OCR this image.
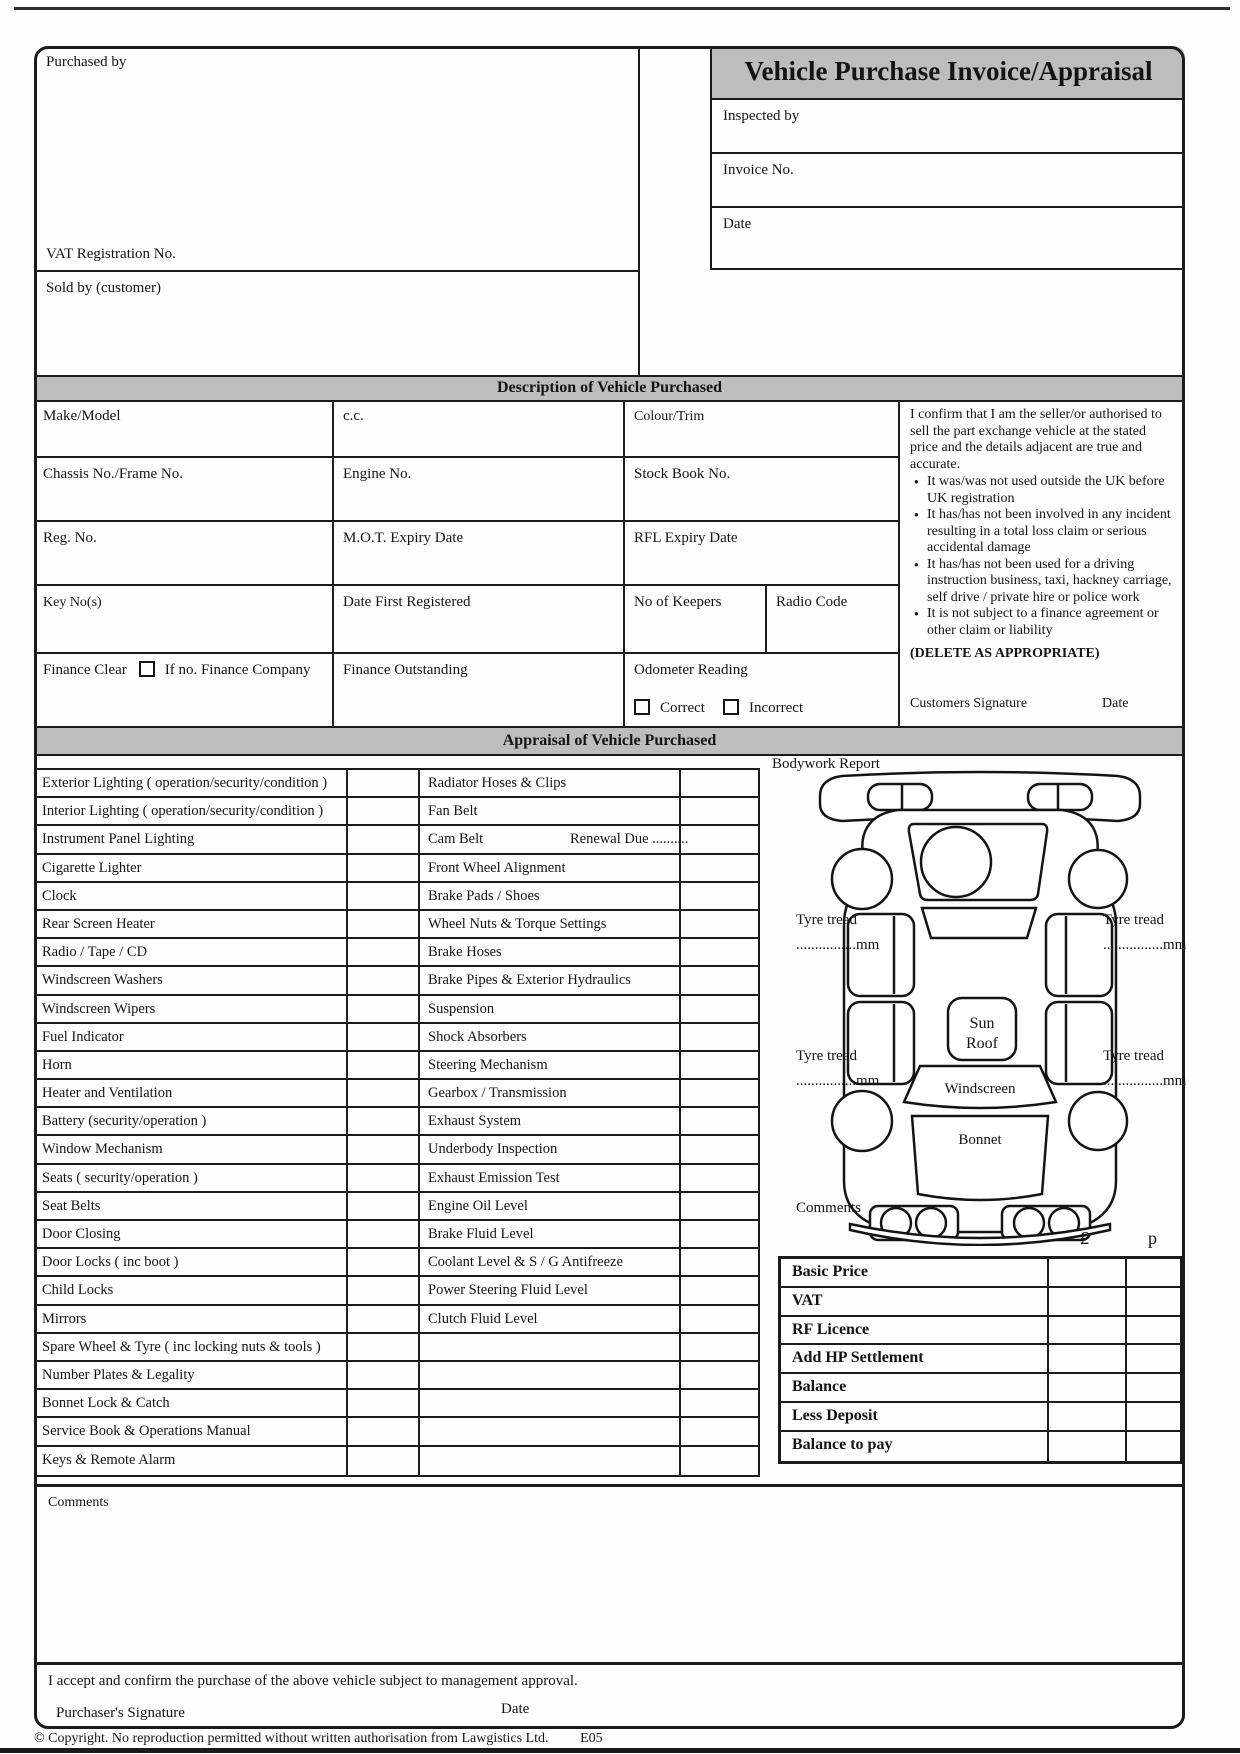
Purchased by
VAT Registration No.
Sold by (customer)
Vehicle Purchase Invoice/Appraisal
Inspected by
Invoice No.
Date
Description of Vehicle Purchased
Make/Model	c.c.	Colour/Trim
Chassis No./Frame No.	Engine No.	Stock Book No.
Reg. No.	M.O.T. Expiry Date	RFL Expiry Date
Key No(s)	Date First Registered	No of Keepers	Radio Code
Finance Clear	If no. Finance Company	Finance Outstanding	Odometer Reading
Correct	Incorrect
I confirm that I am the seller/or authorised to sell the part exchange vehicle at the stated price and the details adjacent are true and accurate.
● It was/was not used outside the UK before UK registration
● It has/has not been involved in any incident resulting in a total loss claim or serious accidental damage
● It has/has not been used for a driving instruction business, taxi, hackney carriage, self drive / private hire or police work
● It is not subject to a finance agreement or other claim or liability
(DELETE AS APPROPRIATE)
Customers Signature	Date
Appraisal of Vehicle Purchased
Exterior Lighting ( operation/security/condition )
Interior Lighting ( operation/security/condition )
Instrument Panel Lighting
Cigarette Lighter
Clock
Rear Screen Heater
Radio / Tape / CD
Windscreen Washers
Windscreen Wipers
Fuel Indicator
Horn
Heater and Ventilation
Battery (security/operation )
Window Mechanism
Seats ( security/operation )
Seat Belts
Door Closing
Door Locks ( inc boot )
Child Locks
Mirrors
Spare Wheel & Tyre ( inc locking nuts & tools )
Number Plates & Legality
Bonnet Lock & Catch
Service Book & Operations Manual
Keys & Remote Alarm
Radiator Hoses & Clips
Fan Belt
Cam Belt	Renewal Due ..........
Front Wheel Alignment
Brake Pads / Shoes
Wheel Nuts & Torque Settings
Brake Hoses
Brake Pipes & Exterior Hydraulics
Suspension
Shock Absorbers
Steering Mechanism
Gearbox / Transmission
Exhaust System
Underbody Inspection
Exhaust Emission Test
Engine Oil Level
Brake Fluid Level
Coolant Level & S / G Antifreeze
Power Steering Fluid Level
Clutch Fluid Level
Bodywork Report
Sun
Roof
Windscreen
Bonnet
Tyre tread
................mm
Tyre tread
................mm
Tyre tread
................mm
Tyre tread
................mm
Comments
£	p
Basic Price
VAT
RF Licence
Add HP Settlement
Balance
Less Deposit
Balance to pay
Comments
I accept and confirm the purchase of the above vehicle subject to management approval.
Purchaser's Signature	Date
© Copyright. No reproduction permitted without written authorisation from Lawgistics Ltd. E05
